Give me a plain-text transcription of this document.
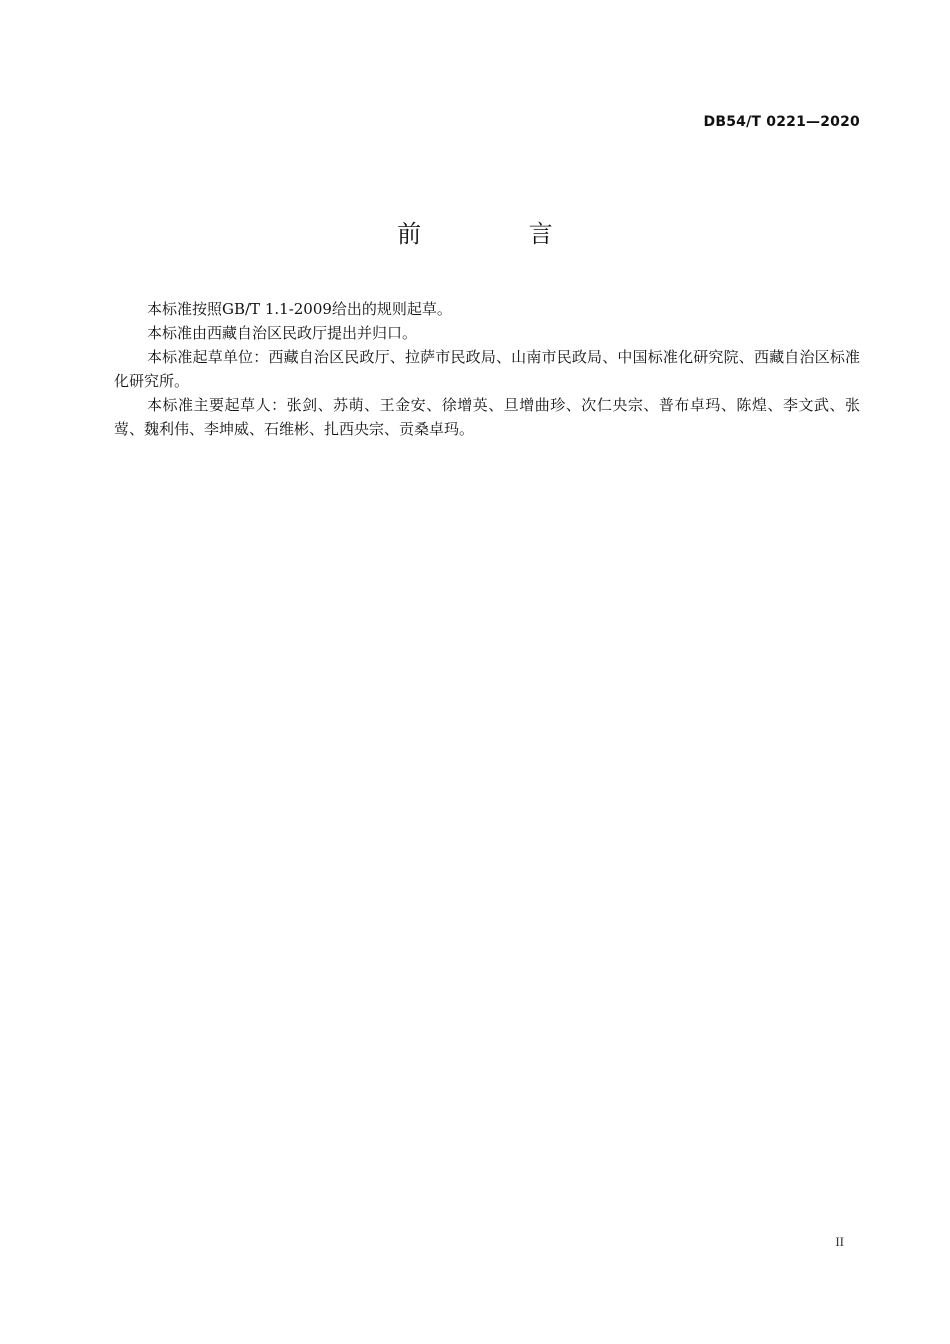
DB54/T 0221—2020
前 言

本标准按照GB/T 1.1-2009给出的规则起草。

本标准由西藏自治区民政厅提出并归口。

本标准起草单位：西藏自治区民政厅、拉萨市民政局、山南市民政局、中国标准化研究院、西藏自治区标准化研究所。

本标准主要起草人：张剑、苏萌、王金安、徐增英、旦增曲珍、次仁央宗、普布卓玛、陈煌、李文武、张莺、魏利伟、李坤威、石维彬、扎西央宗、贡桑卓玛。

II
